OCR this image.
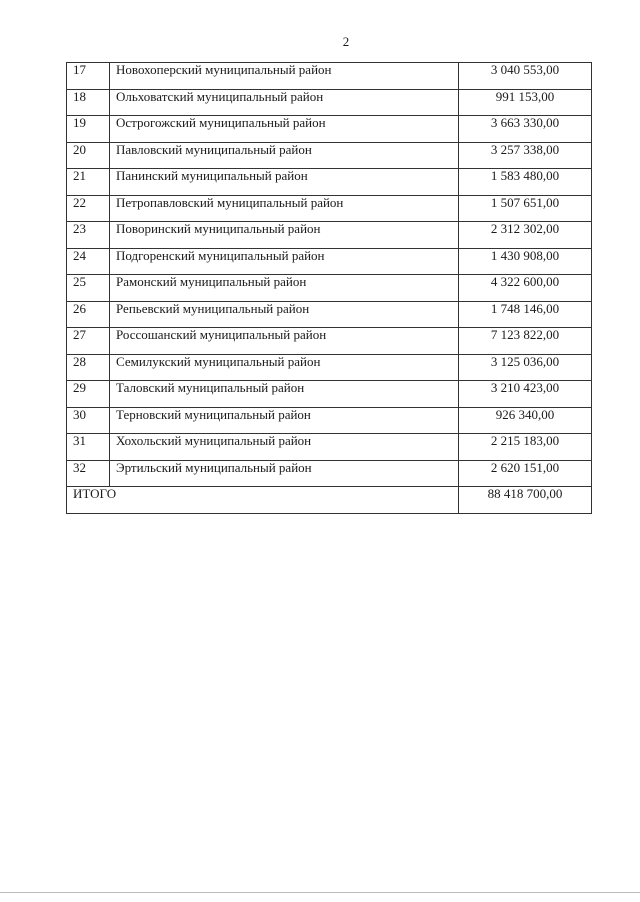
2
17	Новохоперский муниципальный район	3 040 553,00
18	Ольховатский муниципальный район	991 153,00
19	Острогожский муниципальный район	3 663 330,00
20	Павловский муниципальный район	3 257 338,00
21	Панинский муниципальный район	1 583 480,00
22	Петропавловский муниципальный район	1 507 651,00
23	Поворинский муниципальный район	2 312 302,00
24	Подгоренский муниципальный район	1 430 908,00
25	Рамонский муниципальный район	4 322 600,00
26	Репьевский муниципальный район	1 748 146,00
27	Россошанский муниципальный район	7 123 822,00
28	Семилукский муниципальный район	3 125 036,00
29	Таловский муниципальный район	3 210 423,00
30	Терновский муниципальный район	926 340,00
31	Хохольский муниципальный район	2 215 183,00
32	Эртильский муниципальный район	2 620 151,00
ИТОГО		88 418 700,00
